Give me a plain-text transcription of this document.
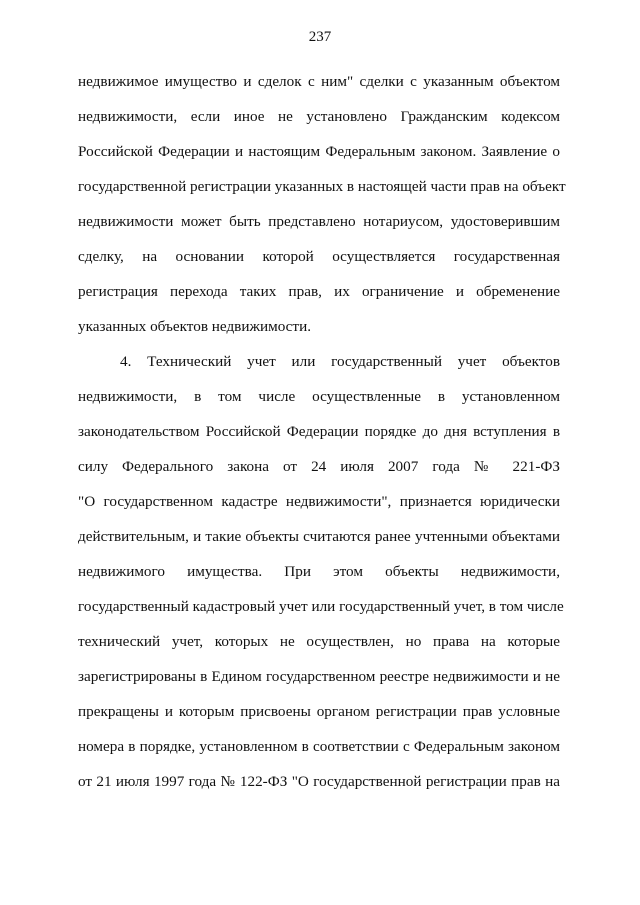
237
недвижимое имущество и сделок с ним" сделки с указанным объектом
недвижимости, если иное не установлено Гражданским кодексом
Российской Федерации и настоящим Федеральным законом. Заявление о
государственной регистрации указанных в настоящей части прав на объект
недвижимости может быть представлено нотариусом, удостоверившим
сделку, на основании которой осуществляется государственная
регистрация перехода таких прав, их ограничение и обременение
указанных объектов недвижимости.
4. Технический учет или государственный учет объектов
недвижимости, в том числе осуществленные в установленном
законодательством Российской Федерации порядке до дня вступления в
силу Федерального закона от 24 июля 2007 года № 221-ФЗ
"О государственном кадастре недвижимости", признается юридически
действительным, и такие объекты считаются ранее учтенными объектами
недвижимого имущества. При этом объекты недвижимости,
государственный кадастровый учет или государственный учет, в том числе
технический учет, которых не осуществлен, но права на которые
зарегистрированы в Едином государственном реестре недвижимости и не
прекращены и которым присвоены органом регистрации прав условные
номера в порядке, установленном в соответствии с Федеральным законом
от 21 июля 1997 года № 122-ФЗ "О государственной регистрации прав на
